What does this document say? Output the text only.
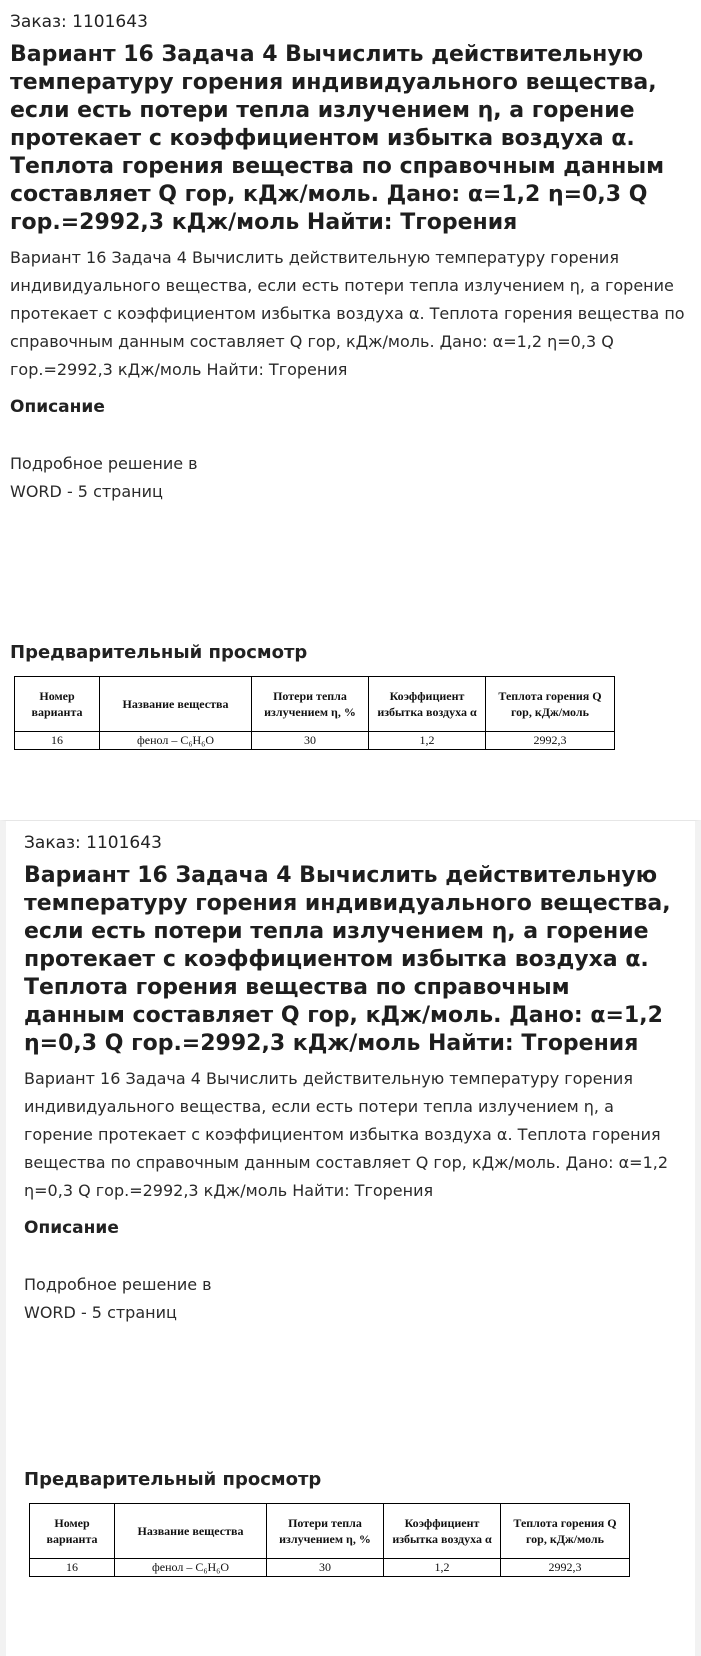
Заказ: 1101643
Вариант 16 Задача 4 Вычислить действительную температуру горения индивидуального вещества, если есть потери тепла излучением η, а горение протекает с коэффициентом избытка воздуха α. Теплота горения вещества по справочным данным составляет Q гор, кДж/моль. Дано: α=1,2 η=0,3 Q гор.=2992,3 кДж/моль Найти: Tгорения

Вариант 16 Задача 4 Вычислить действительную температуру горения индивидуального вещества, если есть потери тепла излучением η, а горение протекает с коэффициентом избытка воздуха α. Теплота горения вещества по справочным данным составляет Q гор, кДж/моль. Дано: α=1,2 η=0,3 Q гор.=2992,3 кДж/моль Найти: Tгорения

Описание

Подробное решение в WORD - 5 страниц

Предварительный просмотр
Номер варианта	Название вещества	Потери тепла излучением η, %	Коэффициент избытка воздуха α	Теплота горения Q гор, кДж/моль
16	фенол – C₆H₆O	30	1,2	2992,3
Заказ: 1101643
Вариант 16 Задача 4 Вычислить действительную температуру горения индивидуального вещества, если есть потери тепла излучением η, а горение протекает с коэффициентом избытка воздуха α. Теплота горения вещества по справочным данным составляет Q гор, кДж/моль. Дано: α=1,2 η=0,3 Q гор.=2992,3 кДж/моль Найти: Tгорения

Вариант 16 Задача 4 Вычислить действительную температуру горения индивидуального вещества, если есть потери тепла излучением η, а горение протекает с коэффициентом избытка воздуха α. Теплота горения вещества по справочным данным составляет Q гор, кДж/моль. Дано: α=1,2 η=0,3 Q гор.=2992,3 кДж/моль Найти: Tгорения

Описание

Подробное решение в WORD - 5 страниц

Предварительный просмотр
Номер варианта	Название вещества	Потери тепла излучением η, %	Коэффициент избытка воздуха α	Теплота горения Q гор, кДж/моль
16	фенол – C₆H₆O	30	1,2	2992,3
